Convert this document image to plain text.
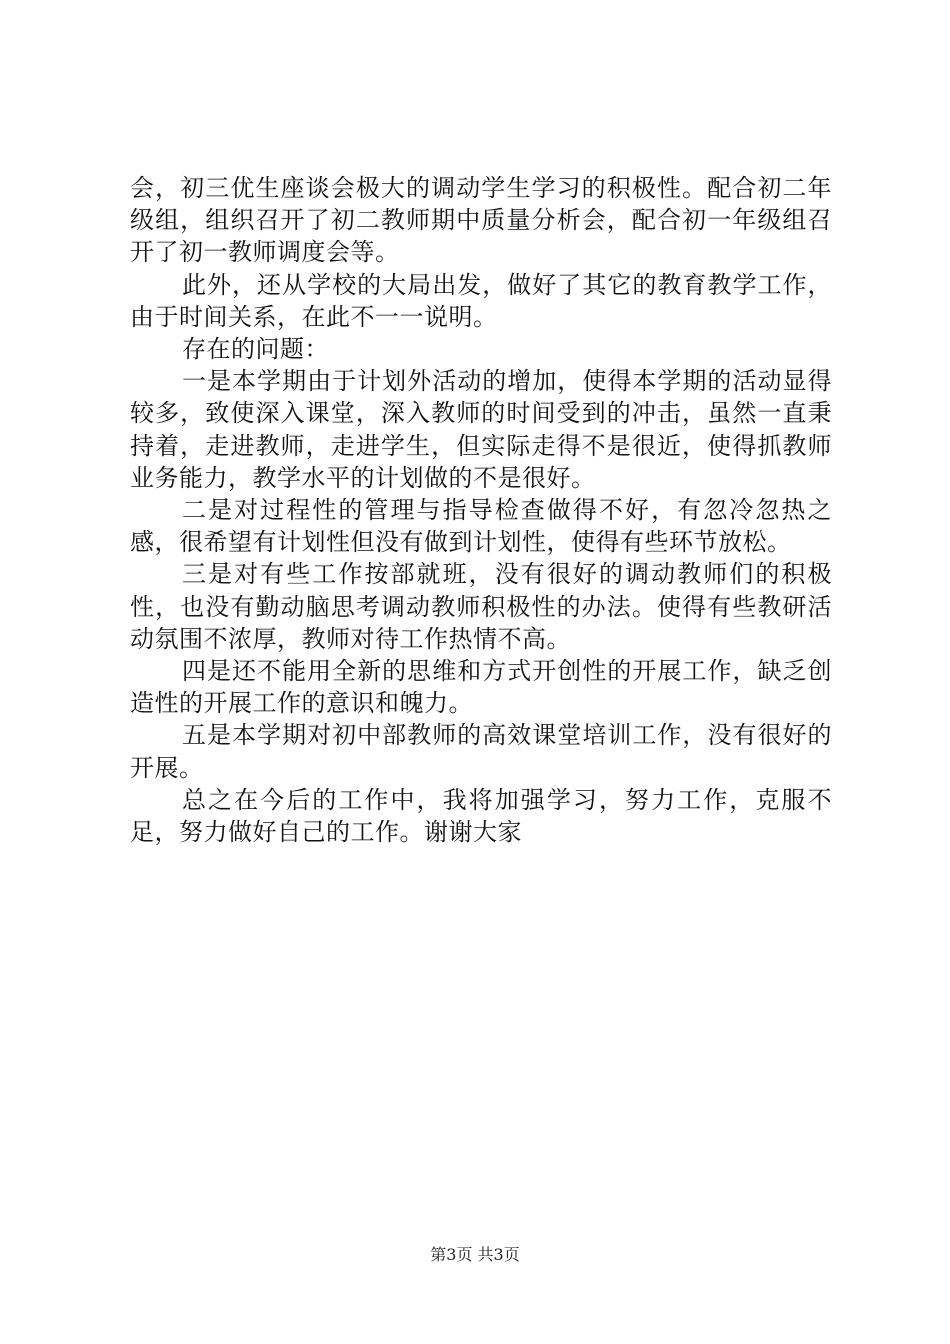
会，初三优生座谈会极大的调动学生学习的积极性。配合初二年级组，组织召开了初二教师期中质量分析会，配合初一年级组召开了初一教师调度会等。

此外，还从学校的大局出发，做好了其它的教育教学工作，由于时间关系，在此不一一说明。

存在的问题：

一是本学期由于计划外活动的增加，使得本学期的活动显得较多，致使深入课堂，深入教师的时间受到的冲击，虽然一直秉持着，走进教师，走进学生，但实际走得不是很近，使得抓教师业务能力，教学水平的计划做的不是很好。

二是对过程性的管理与指导检查做得不好，有忽冷忽热之感，很希望有计划性但没有做到计划性，使得有些环节放松。

三是对有些工作按部就班，没有很好的调动教师们的积极性，也没有勤动脑思考调动教师积极性的办法。使得有些教研活动氛围不浓厚，教师对待工作热情不高。

四是还不能用全新的思维和方式开创性的开展工作，缺乏创造性的开展工作的意识和魄力。

五是本学期对初中部教师的高效课堂培训工作，没有很好的开展。

总之在今后的工作中，我将加强学习，努力工作，克服不足，努力做好自己的工作。谢谢大家

第3页 共3页
